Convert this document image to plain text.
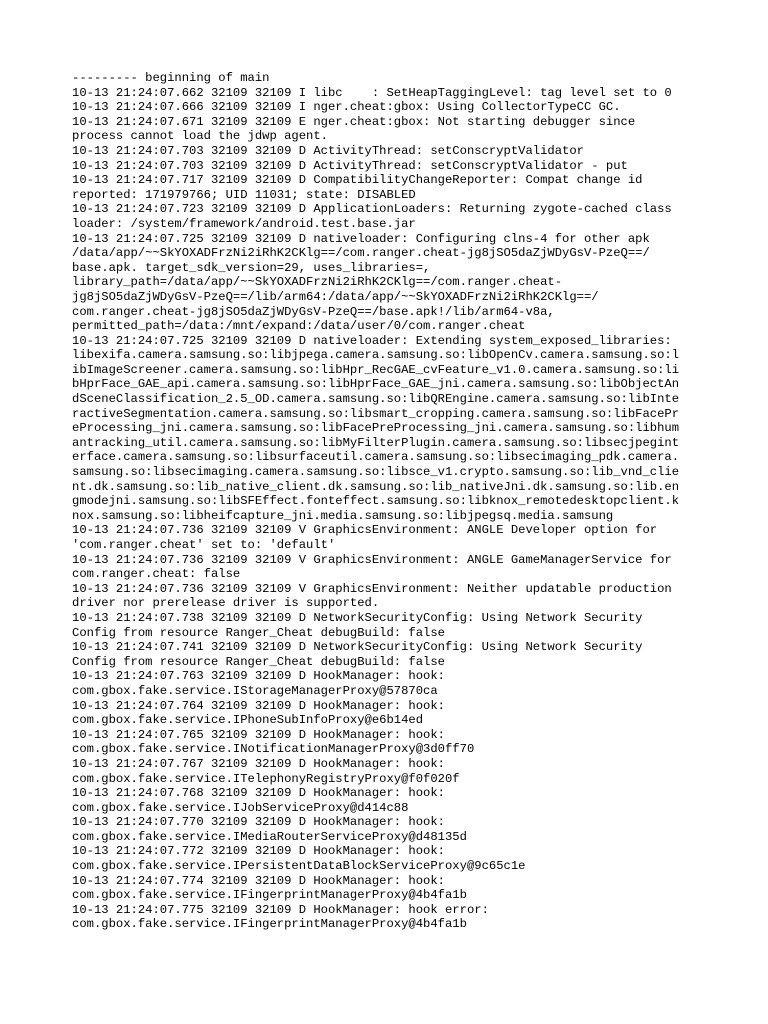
--------- beginning of main
10-13 21:24:07.662 32109 32109 I libc    : SetHeapTaggingLevel: tag level set to 0
10-13 21:24:07.666 32109 32109 I nger.cheat:gbox: Using CollectorTypeCC GC.
10-13 21:24:07.671 32109 32109 E nger.cheat:gbox: Not starting debugger since
process cannot load the jdwp agent.
10-13 21:24:07.703 32109 32109 D ActivityThread: setConscryptValidator
10-13 21:24:07.703 32109 32109 D ActivityThread: setConscryptValidator - put
10-13 21:24:07.717 32109 32109 D CompatibilityChangeReporter: Compat change id
reported: 171979766; UID 11031; state: DISABLED
10-13 21:24:07.723 32109 32109 D ApplicationLoaders: Returning zygote-cached class
loader: /system/framework/android.test.base.jar
10-13 21:24:07.725 32109 32109 D nativeloader: Configuring clns-4 for other apk
/data/app/~~SkYOXADFrzNi2iRhK2CKlg==/com.ranger.cheat-jg8jSO5daZjWDyGsV-PzeQ==/
base.apk. target_sdk_version=29, uses_libraries=,
library_path=/data/app/~~SkYOXADFrzNi2iRhK2CKlg==/com.ranger.cheat-
jg8jSO5daZjWDyGsV-PzeQ==/lib/arm64:/data/app/~~SkYOXADFrzNi2iRhK2CKlg==/
com.ranger.cheat-jg8jSO5daZjWDyGsV-PzeQ==/base.apk!/lib/arm64-v8a,
permitted_path=/data:/mnt/expand:/data/user/0/com.ranger.cheat
10-13 21:24:07.725 32109 32109 D nativeloader: Extending system_exposed_libraries:
libexifa.camera.samsung.so:libjpega.camera.samsung.so:libOpenCv.camera.samsung.so:l
ibImageScreener.camera.samsung.so:libHpr_RecGAE_cvFeature_v1.0.camera.samsung.so:li
bHprFace_GAE_api.camera.samsung.so:libHprFace_GAE_jni.camera.samsung.so:libObjectAn
dSceneClassification_2.5_OD.camera.samsung.so:libQREngine.camera.samsung.so:libInte
ractiveSegmentation.camera.samsung.so:libsmart_cropping.camera.samsung.so:libFacePr
eProcessing_jni.camera.samsung.so:libFacePreProcessing_jni.camera.samsung.so:libhum
antracking_util.camera.samsung.so:libMyFilterPlugin.camera.samsung.so:libsecjpegint
erface.camera.samsung.so:libsurfaceutil.camera.samsung.so:libsecimaging_pdk.camera.
samsung.so:libsecimaging.camera.samsung.so:libsce_v1.crypto.samsung.so:lib_vnd_clie
nt.dk.samsung.so:lib_native_client.dk.samsung.so:lib_nativeJni.dk.samsung.so:lib.en
gmodejni.samsung.so:libSFEffect.fonteffect.samsung.so:libknox_remotedesktopclient.k
nox.samsung.so:libheifcapture_jni.media.samsung.so:libjpegsq.media.samsung
10-13 21:24:07.736 32109 32109 V GraphicsEnvironment: ANGLE Developer option for
'com.ranger.cheat' set to: 'default'
10-13 21:24:07.736 32109 32109 V GraphicsEnvironment: ANGLE GameManagerService for
com.ranger.cheat: false
10-13 21:24:07.736 32109 32109 V GraphicsEnvironment: Neither updatable production
driver nor prerelease driver is supported.
10-13 21:24:07.738 32109 32109 D NetworkSecurityConfig: Using Network Security
Config from resource Ranger_Cheat debugBuild: false
10-13 21:24:07.741 32109 32109 D NetworkSecurityConfig: Using Network Security
Config from resource Ranger_Cheat debugBuild: false
10-13 21:24:07.763 32109 32109 D HookManager: hook:
com.gbox.fake.service.IStorageManagerProxy@57870ca
10-13 21:24:07.764 32109 32109 D HookManager: hook:
com.gbox.fake.service.IPhoneSubInfoProxy@e6b14ed
10-13 21:24:07.765 32109 32109 D HookManager: hook:
com.gbox.fake.service.INotificationManagerProxy@3d0ff70
10-13 21:24:07.767 32109 32109 D HookManager: hook:
com.gbox.fake.service.ITelephonyRegistryProxy@f0f020f
10-13 21:24:07.768 32109 32109 D HookManager: hook:
com.gbox.fake.service.IJobServiceProxy@d414c88
10-13 21:24:07.770 32109 32109 D HookManager: hook:
com.gbox.fake.service.IMediaRouterServiceProxy@d48135d
10-13 21:24:07.772 32109 32109 D HookManager: hook:
com.gbox.fake.service.IPersistentDataBlockServiceProxy@9c65c1e
10-13 21:24:07.774 32109 32109 D HookManager: hook:
com.gbox.fake.service.IFingerprintManagerProxy@4b4fa1b
10-13 21:24:07.775 32109 32109 D HookManager: hook error:
com.gbox.fake.service.IFingerprintManagerProxy@4b4fa1b
